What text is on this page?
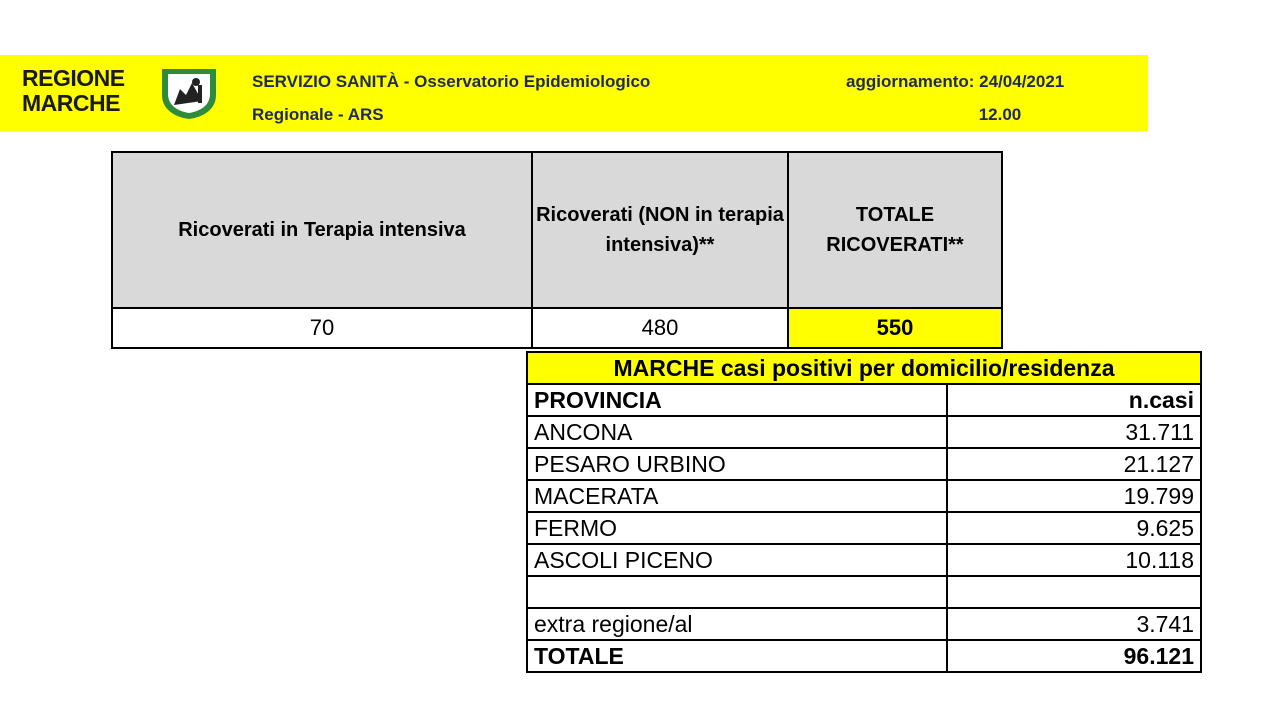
REGIONE
MARCHE
SERVIZIO SANITÀ - Osservatorio Epidemiologico
Regionale - ARS
aggiornamento: 24/04/2021
12.00
Ricoverati in Terapia intensiva	Ricoverati (NON in terapia intensiva)**	TOTALE RICOVERATI**
70	480	550
MARCHE casi positivi per domicilio/residenza	
PROVINCIA	n.casi
ANCONA	31.711
PESARO URBINO	21.127
MACERATA	19.799
FERMO	9.625
ASCOLI PICENO	10.118

extra regione/al	3.741
TOTALE	96.121
